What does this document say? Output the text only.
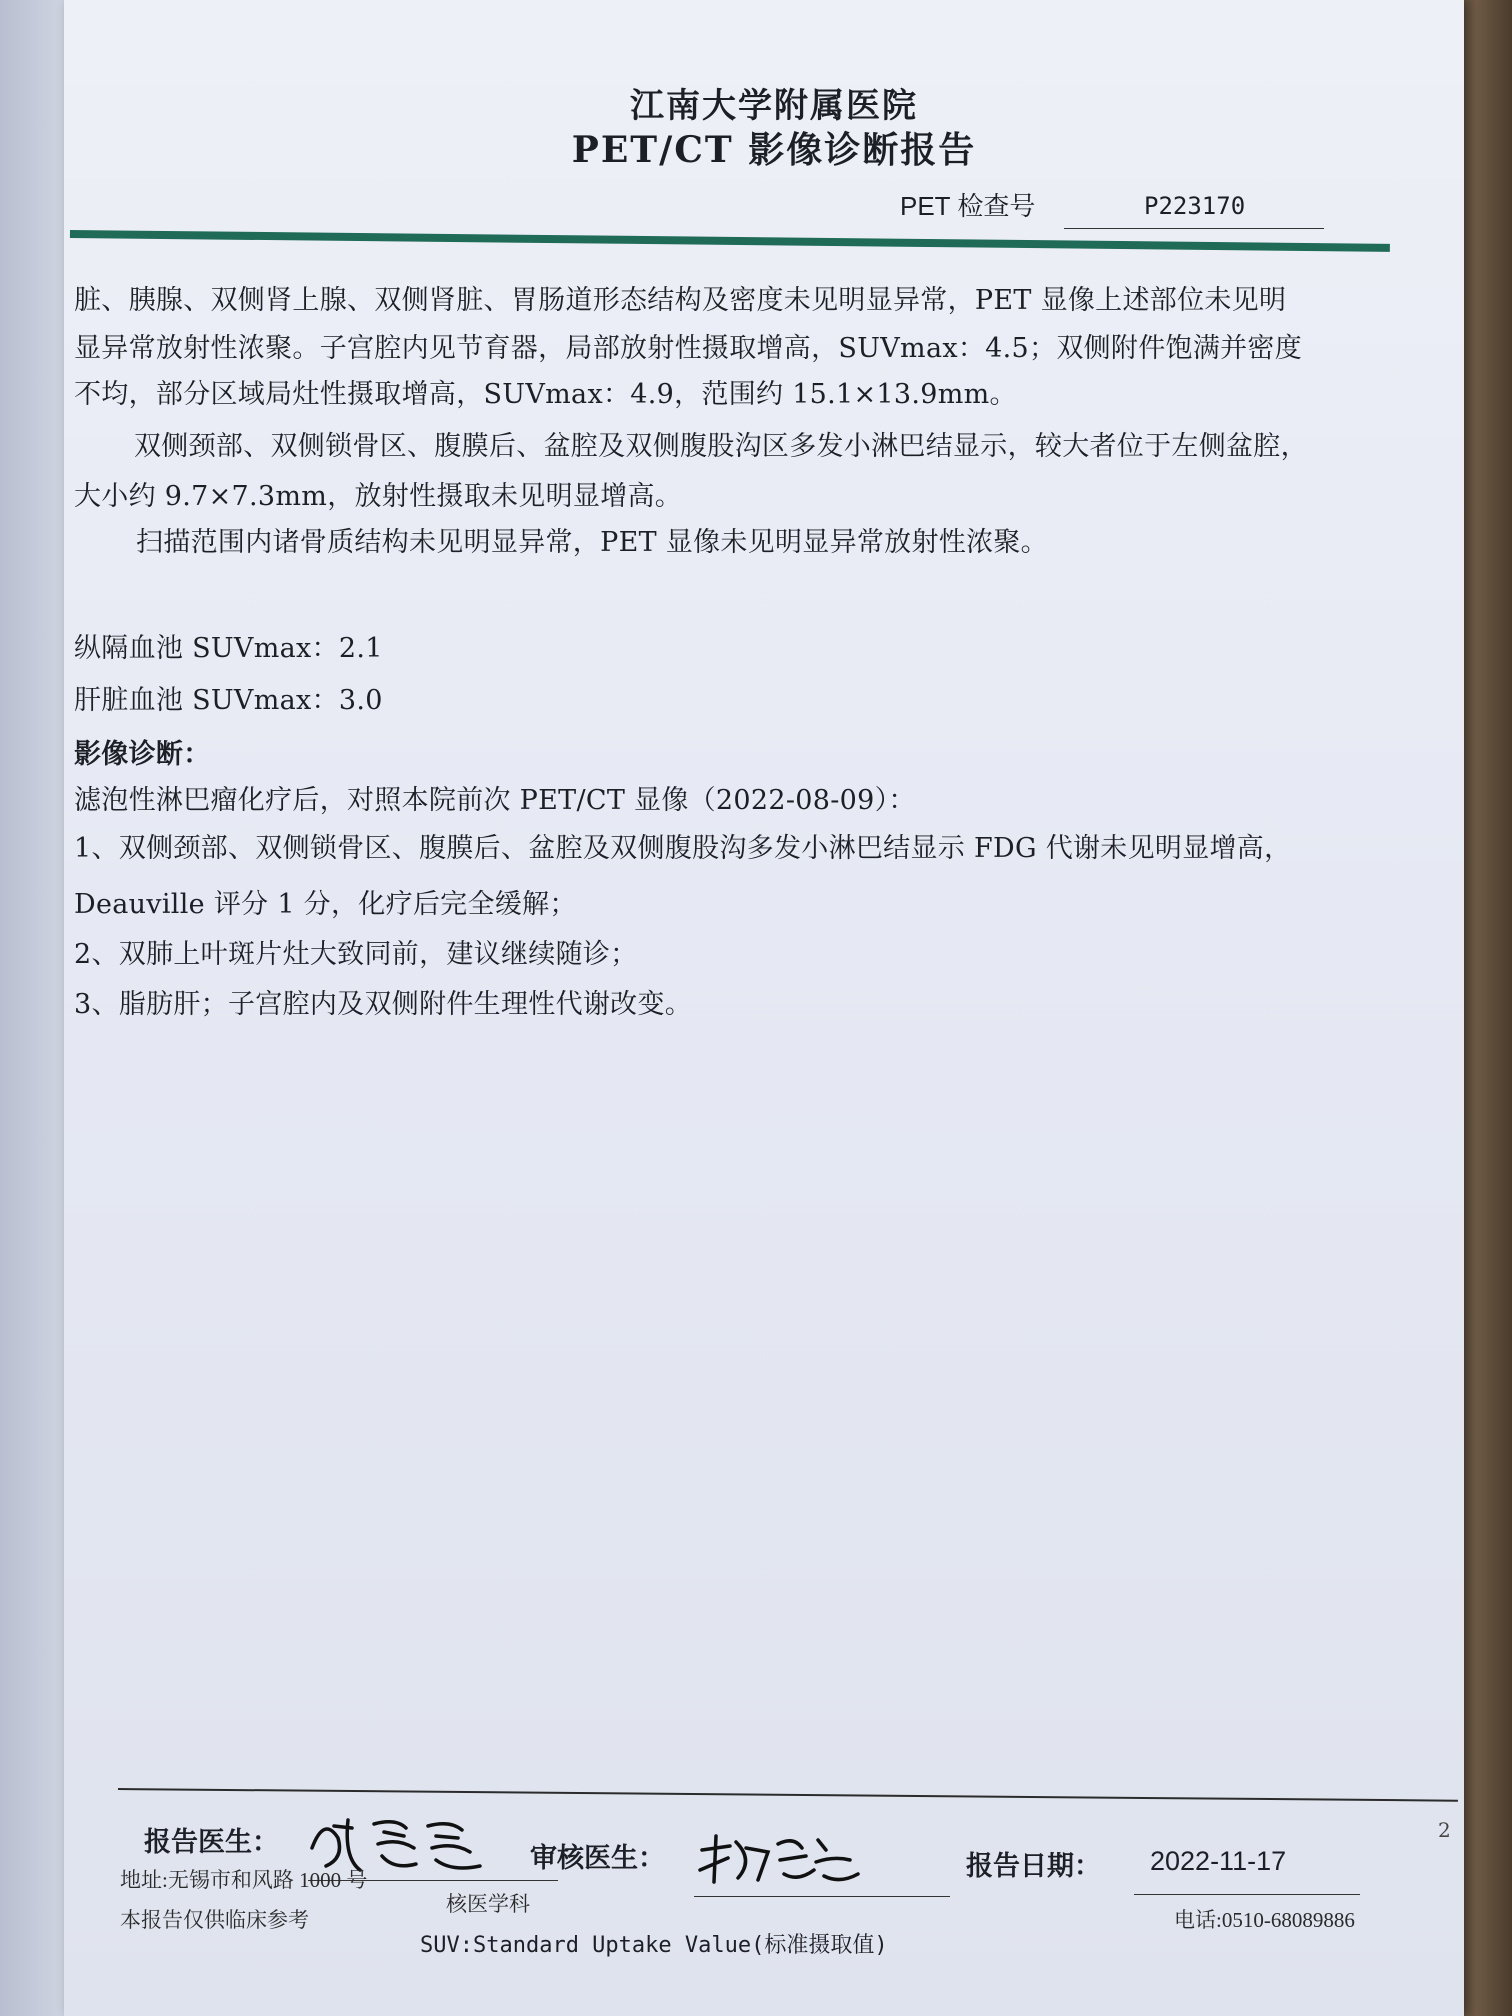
江南大学附属医院
PET/CT 影像诊断报告
PET 检查号	P223170
脏、胰腺、双侧肾上腺、双侧肾脏、胃肠道形态结构及密度未见明显异常，PET 显像上述部位未见明
显异常放射性浓聚。子宫腔内见节育器，局部放射性摄取增高，SUVmax：4.5；双侧附件饱满并密度
不均，部分区域局灶性摄取增高，SUVmax：4.9，范围约 15.1×13.9mm。
双侧颈部、双侧锁骨区、腹膜后、盆腔及双侧腹股沟区多发小淋巴结显示，较大者位于左侧盆腔，
大小约 9.7×7.3mm，放射性摄取未见明显增高。
扫描范围内诸骨质结构未见明显异常，PET 显像未见明显异常放射性浓聚。
纵隔血池 SUVmax：2.1
肝脏血池 SUVmax：3.0
影像诊断：
滤泡性淋巴瘤化疗后，对照本院前次 PET/CT 显像（2022-08-09）：
1、双侧颈部、双侧锁骨区、腹膜后、盆腔及双侧腹股沟多发小淋巴结显示 FDG 代谢未见明显增高，
Deauville 评分 1 分，化疗后完全缓解；
2、双肺上叶斑片灶大致同前，建议继续随诊；
3、脂肪肝；子宫腔内及双侧附件生理性代谢改变。
报告医生：
审核医生：	报告日期： 2022-11-17
2
地址:无锡市和风路 1000 号
核医学科
本报告仅供临床参考
SUV:Standard Uptake Value(标准摄取值)
电话:0510-68089886
